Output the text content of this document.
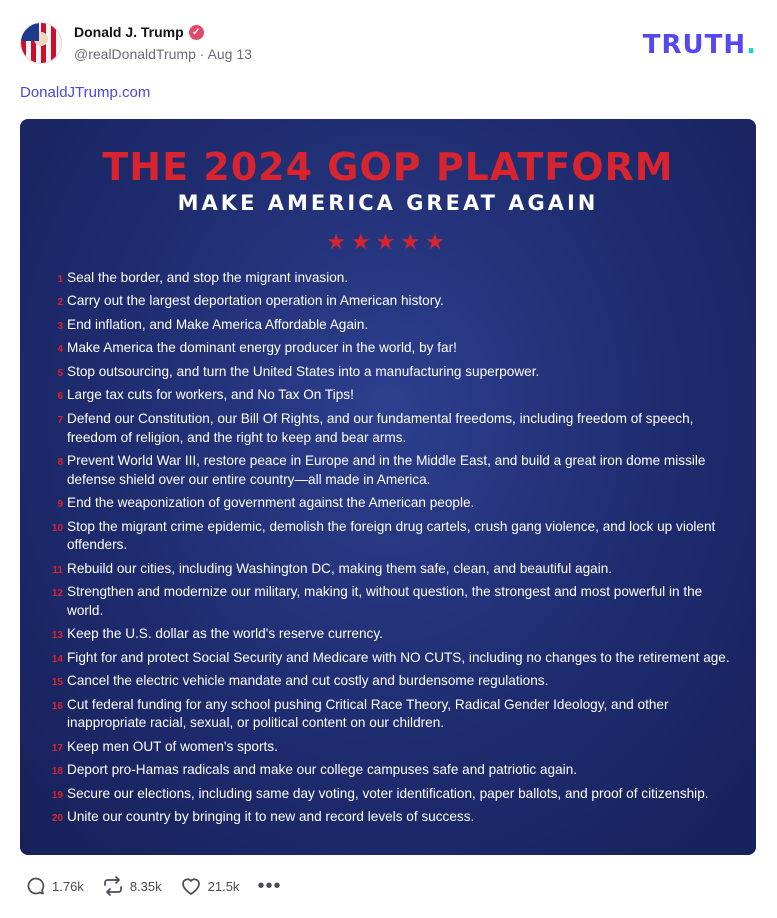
Donald J. Trump ✓
@realDonaldTrump · Aug 13	TRUTH.
DonaldJTrump.com
THE 2024 GOP PLATFORM
MAKE AMERICA GREAT AGAIN
★★★★★
1 Seal the border, and stop the migrant invasion.
2 Carry out the largest deportation operation in American history.
3 End inflation, and Make America Affordable Again.
4 Make America the dominant energy producer in the world, by far!
5 Stop outsourcing, and turn the United States into a manufacturing superpower.
6 Large tax cuts for workers, and No Tax On Tips!
7 Defend our Constitution, our Bill Of Rights, and our fundamental freedoms, including freedom of speech, freedom of religion, and the right to keep and bear arms.
8 Prevent World War III, restore peace in Europe and in the Middle East, and build a great iron dome missile defense shield over our entire country—all made in America.
9 End the weaponization of government against the American people.
10 Stop the migrant crime epidemic, demolish the foreign drug cartels, crush gang violence, and lock up violent offenders.
11 Rebuild our cities, including Washington DC, making them safe, clean, and beautiful again.
12 Strengthen and modernize our military, making it, without question, the strongest and most powerful in the world.
13 Keep the U.S. dollar as the world's reserve currency.
14 Fight for and protect Social Security and Medicare with NO CUTS, including no changes to the retirement age.
15 Cancel the electric vehicle mandate and cut costly and burdensome regulations.
16 Cut federal funding for any school pushing Critical Race Theory, Radical Gender Ideology, and other inappropriate racial, sexual, or political content on our children.
17 Keep men OUT of women's sports.
18 Deport pro-Hamas radicals and make our college campuses safe and patriotic again.
19 Secure our elections, including same day voting, voter identification, paper ballots, and proof of citizenship.
20 Unite our country by bringing it to new and record levels of success.
1.76k	8.35k	21.5k •••
